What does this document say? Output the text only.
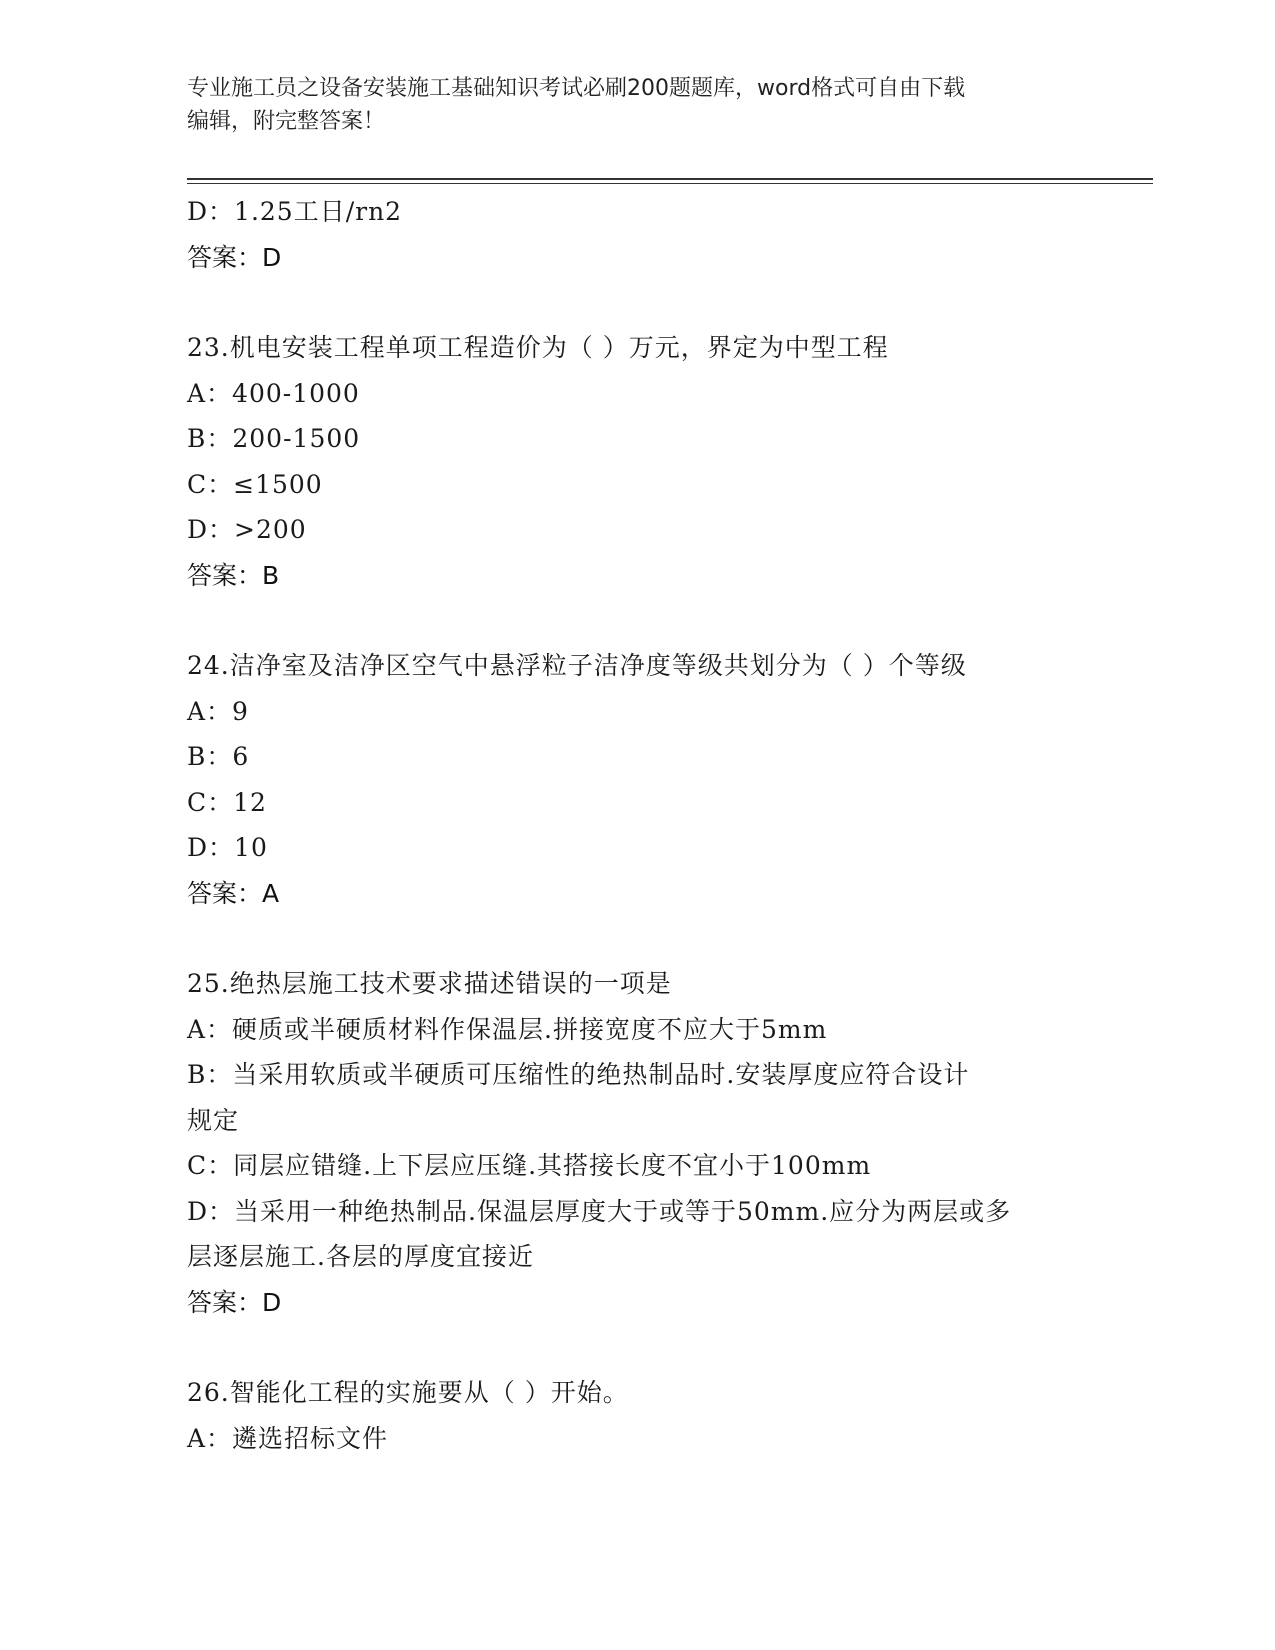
专业施工员之设备安装施工基础知识考试必刷200题题库，word格式可自由下载
编辑，附完整答案！
D：1.25工日/rn2
答案：D
23.机电安装工程单项工程造价为（ ）万元，界定为中型工程
A：400-1000
B：200-1500
C：≤1500
D：>200
答案：B
24.洁净室及洁净区空气中悬浮粒子洁净度等级共划分为（ ）个等级
A：9
B：6
C：12
D：10
答案：A
25.绝热层施工技术要求描述错误的一项是
A：硬质或半硬质材料作保温层.拼接宽度不应大于5mm
B：当采用软质或半硬质可压缩性的绝热制品时.安装厚度应符合设计
规定
C：同层应错缝.上下层应压缝.其搭接长度不宜小于100mm
D：当采用一种绝热制品.保温层厚度大于或等于50mm.应分为两层或多
层逐层施工.各层的厚度宜接近
答案：D
26.智能化工程的实施要从（ ）开始。
A：遴选招标文件
